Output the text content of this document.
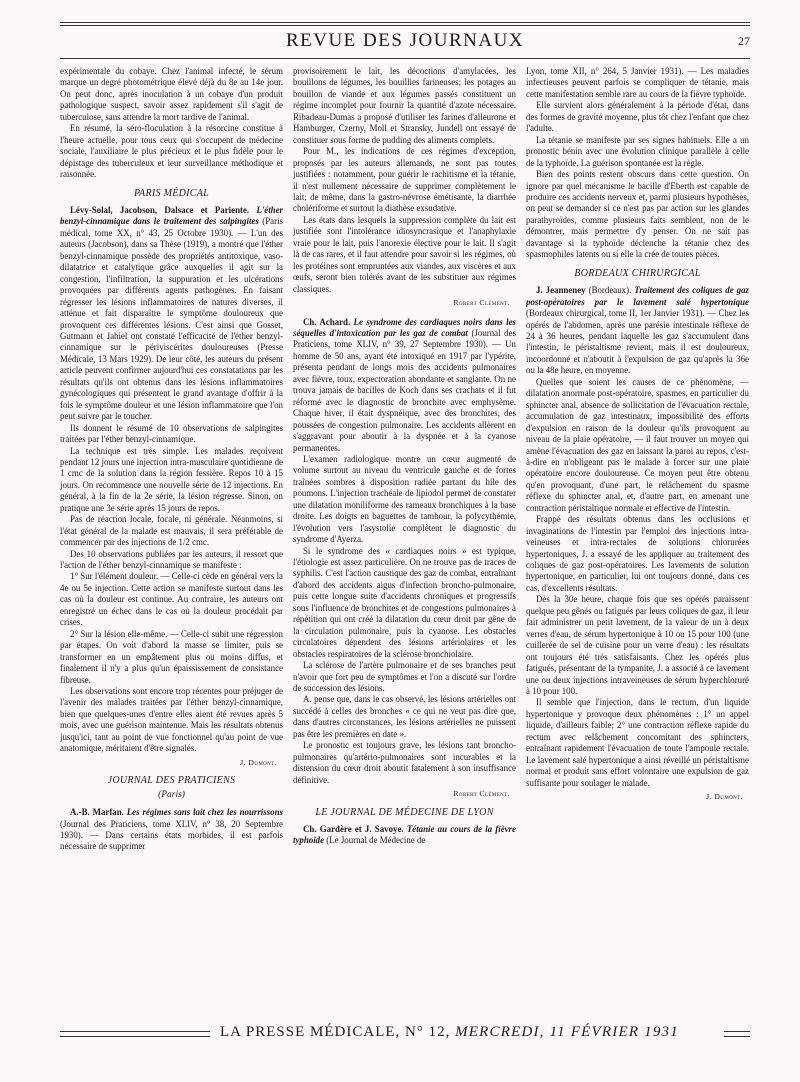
REVUE DES JOURNAUX	27

expérimentale du cobaye. Chez l'animal infecté, le sérum marque un degré photométrique élevé déjà du 8e au 14e jour. On peut donc, après inoculation à un cobaye d'un produit pathologique suspect, savoir assez rapidement s'il s'agit de tuberculose, sans attendre la mort tardive de l'animal.

En résumé, la séro-floculation à la résorcine constitue à l'heure actuelle, pour tous ceux qui s'occupent de médecine sociale, l'auxiliaire le plus précieux et le plus fidèle pour le dépistage des tuberculeux et leur surveillance méthodique et raisonnée.

PARIS MÉDICAL

Lévy-Solal, Jacobson, Dalsace et Pariente. L'éther benzyl-cinnamique dans le traitement des salpingites (Paris médical, tome XX, n° 43, 25 Octobre 1930). — L'un des auteurs (Jacobson), dans sa Thèse (1919), a montré que l'éther benzyl-cinnamique possède des propriétés antitoxique, vaso-dilatatrice et catalytique grâce auxquelles il agit sur la congestion, l'infiltration, la suppuration et les ulcérations provoquées par différents agents pathogènes. En faisant régresser les lésions inflammatoires de natures diverses, il atténue et fait disparaître le symptôme douloureux que provoquent ces différentes lésions. C'est ainsi que Gosset, Gutmann et Jahiel ont constaté l'efficacité de l'éther benzyl-cinnamique sur le périviscérites douloureuses (Presse Médicale, 13 Mars 1929). De leur côté, les auteurs du présent article peuvent confirmer aujourd'hui ces constatations par les résultats qu'ils ont obtenus dans les lésions inflammatoires gynécologiques qui présentent le grand avantage d'offrir à la fois le symptôme douleur et une lésion inflammatoire que l'on peut suivre par le toucher.

Ils donnent le résumé de 10 observations de salpingites traitées par l'éther benzyl-cinnamique.

La technique est très simple. Les malades reçoivent pendant 12 jours une injection intra-musculaire quotidienne de 1 cmc de la solution dans la région fessière. Repos 10 à 15 jours. On recommence une nouvelle série de 12 injections. En général, à la fin de la 2e série, la lésion régresse. Sinon, on pratique une 3e série après 15 jours de repos.

Pas de réaction locale, focale, ni générale. Néanmoins, si l'état général de la malade est mauvais, il sera préférable de commencer par des injections de 1/2 cmc.

Des 10 observations publiées par les auteurs, il ressort que l'action de l'éther benzyl-cinnamique se manifeste :

1° Sur l'élément douleur. — Celle-ci cède en général vers la 4e ou 5e injection. Cette action se manifeste surtout dans les cas où la douleur est continue. Au contraire, les auteurs ont enregistré un échec dans le cas où la douleur procédait par crises.

2° Sur la lésion elle-même. — Celle-ci subit une régression par étapes. On voit d'abord la masse se limiter, puis se transformer en un empâtement plus ou moins diffus, et finalement il n'y a plus qu'un épaississement de consistance fibreuse.

Les observations sont encore trop récentes pour préjuger de l'avenir des malades traitées par l'éther benzyl-cinnamique, bien que quelques-unes d'entre elles aient été revues après 5 mois, avec une guérison maintenue. Mais les résultats obtenus jusqu'ici, tant au point de vue fonctionnel qu'au point de vue anatomique, méritaient d'être signalés.

J. Dumont.
JOURNAL DES PRATICIENS
(Paris)

A.-B. Marfan. Les régimes sans lait chez les nourrissons (Journal des Praticiens, tome XLIV, n° 38, 20 Septembre 1930). — Dans certains états morbides, il est parfois nécessaire de supprimer

provisoirement le lait, les décoctions d'amylacées, les bouillons de légumes, les bouillies farineuses; les potages au bouillon de viande et aux légumes passés constituent un régime incomplet pour fournir la quantité d'azote nécessaire. Ribadeau-Dumas a proposé d'utiliser les farines d'alleurone et Hamburger, Czerny, Moll et Stransky, Jundell ont essayé de constituer sous forme de pudding des aliments complets.

Pour M., les indications de ces régimes d'exception, proposés par les auteurs allemands, ne sont pas toutes justifiées : notamment, pour guérir le rachitisme et la tétanie, il n'est nullement nécessaire de supprimer complètement le lait; de même, dans la gastro-névrose émétisante, la diarrhée cholériforme et surtout la diathèse exsudative.

Les états dans lesquels la suppression complète du lait est justifiée sont l'intolérance idiosyncrasique et l'anaphylaxie vraie pour le lait, puis l'anorexie élective pour le lait. Il s'agit là de cas rares, et il faut attendre pour savoir si les régimes, où les protéines sont empruntées aux viandes, aux viscères et aux œufs, seront bien tolérés avant de les substituer aux régimes classiques.

Robert Clément.

Ch. Achard. Le syndrome des cardiaques noirs dans les séquelles d'intoxication par les gaz de combat (Journal des Praticiens, tome XLIV, n° 39, 27 Septembre 1930). — Un homme de 50 ans, ayant été intoxiqué en 1917 par l'ypérite, présenta pendant de longs mois des accidents pulmonaires avec fièvre, toux, expectoration abondante et sanglante. On ne trouva jamais de bacilles de Koch dans ses crachats et il fut réformé avec le diagnostic de bronchite avec emphysème. Chaque hiver, il était dyspnéique, avec des bronchites, des poussées de congestion pulmonaire. Les accidents allèrent en s'aggravant pour aboutir à la dyspnée et à la cyanose permanentes.

L'examen radiologique montre un cœur augmenté de volume surtout au niveau du ventricule gauche et de fortes traînées sombres à disposition radiée partant du hile des poumons. L'injection trachéale de lipiodol permet de constater une dilatation moniliforme des rameaux bronchiques à la base droite. Les doigts en baguettes de tambour, la polycythémie, l'évolution vers l'asystolie complètent le diagnostic du syndrome d'Ayerza.

Si le syndrome des « cardiaques noirs » est typique, l'étiologie est assez particulière. On ne trouve pas de traces de syphilis. C'est l'action caustique des gaz de combat, entraînant d'abord des accidents aigus d'infection broncho-pulmonaire, puis cette longue suite d'accidents chroniques et progressifs sous l'influence de bronchites et de congestions pulmonaires à répétition qui ont créé la dilatation du cœur droit par gêne de la circulation pulmonaire, puis la cyanose. Les obstacles circulatoires dépendent des lésions artériolaires et les obstacles respiratoires de la sclérose bronchiolaire.

La sclérose de l'artère pulmonaire et de ses branches peut n'avoir que fort peu de symptômes et l'on a discuté sur l'ordre de succession des lésions.

A. pense que, dans le cas observé, les lésions artérielles ont succédé à celles des bronches « ce qui ne veut pas dire que, dans d'autres circonstances, les lésions artérielles ne puissent pas être les premières en date ».

Le pronostic est toujours grave, les lésions tant broncho-pulmonaires qu'artério-pulmonaires sont incurables et la distension du cœur droit aboutit fatalement à son insuffisance définitive.

Robert Clément.
LE JOURNAL DE MÉDECINE DE LYON

Ch. Gardère et J. Savoye. Tétanie au cours de la fièvre typhoïde (Le Journal de Médecine de

Lyon, tome XII, n° 264, 5 Janvier 1931). — Les maladies infectieuses peuvent parfois se compliquer de tétanie, mais cette manifestation semble rare au cours de la fièvre typhoïde.

Elle survient alors généralement à la période d'état, dans des formes de gravité moyenne, plus tôt chez l'enfant que chez l'adulte.

La tétanie se manifeste par ses signes habituels. Elle a un pronostic bénin avec une évolution clinique parallèle à celle de la typhoïde. La guérison spontanée est la règle.

Bien des points restent obscurs dans cette question. On ignore par quel mécanisme le bacille d'Eberth est capable de produire ces accidents nerveux et, parmi plusieurs hypothèses, on peut se demander si ce n'est pas par action sur les glandes parathyroïdes, comme plusieurs faits semblent, non de le démontrer, mais permettre d'y penser. On ne sait pas davantage si la typhoïde déclenche la tétanie chez des spasmophiles latents ou si elle la crée de toutes pièces.

BORDEAUX CHIRURGICAL

J. Jeanneney (Bordeaux). Traitement des coliques de gaz post-opératoires par le lavement salé hypertonique (Bordeaux chirurgical, tome II, 1er Janvier 1931). — Chez les opérés de l'abdomen, après une parésie intestinale réflexe de 24 à 36 heures, pendant laquelle les gaz s'accumulent dans l'intestin, le péristaltisme revient, mais il est douloureux, incoordonné et n'aboutit à l'expulsion de gaz qu'après la 36e ou la 48e heure, en moyenne.

Quelles que soient les causes de ce phénomène, — dilatation anormale post-opératoire, spasmes, en particulier du sphincter anal, absence de sollicitation de l'évacuation rectale, accumulation de gaz intestinaux, impossibilité des efforts d'expulsion en raison de la douleur qu'ils provoquent au niveau de la plaie opératoire, — il faut trouver un moyen qui amène l'évacuation des gaz en laissant la paroi au repos, c'est-à-dire en n'obligeant pas le malade à forcer sur une plaie opératoire encore douloureuse. Ce moyen peut être obtenu qu'en provoquant, d'une part, le relâchement du spasme réflexe du sphincter anal, et, d'autre part, en amenant une contraction péristaltique normale et effective de l'intestin.

Frappé des résultats obtenus dans les occlusions et invaginations de l'intestin par l'emploi des injections intra-veineuses et intra-rectales de solutions chlorurées hypertoniques, J. a essayé de les appliquer au traitement des coliques de gaz post-opératoires. Les lavements de solution hypertonique, en particulier, lui ont toujours donné, dans ces cas, d'excellents résultats.

Dès la 30e heure, chaque fois que ses opérés paraissent quelque peu gênés ou fatigués par leurs coliques de gaz, il leur fait administrer un petit lavement, de la valeur de un à deux verres d'eau, de sérum hypertonique à 10 ou 15 pour 100 (une cuillerée de sel de cuisine pour un verre d'eau) : les résultats ont toujours été très satisfaisants. Chez les opérés plus fatigués, présentant de la tympanite, J. a associé à ce lavement une ou deux injections intraveineuses de sérum hyperchloruré à 10 pour 100.

Il semble que l'injection, dans le rectum, d'un liquide hypertonique y provoque deux phénomènes : 1° un appel liquide, d'ailleurs faible; 2° une contraction réflexe rapide du rectum avec relâchement concomitant des sphincters, entraînant rapidement l'évacuation de toute l'ampoule rectale. Le lavement salé hypertonique a ainsi réveillé un péristaltisme normal et produit sans effort volontaire une expulsion de gaz suffisante pour soulager le malade.

J. Dumont.
LA PRESSE MÉDICALE, N° 12, MERCREDI, 11 FÉVRIER 1931
